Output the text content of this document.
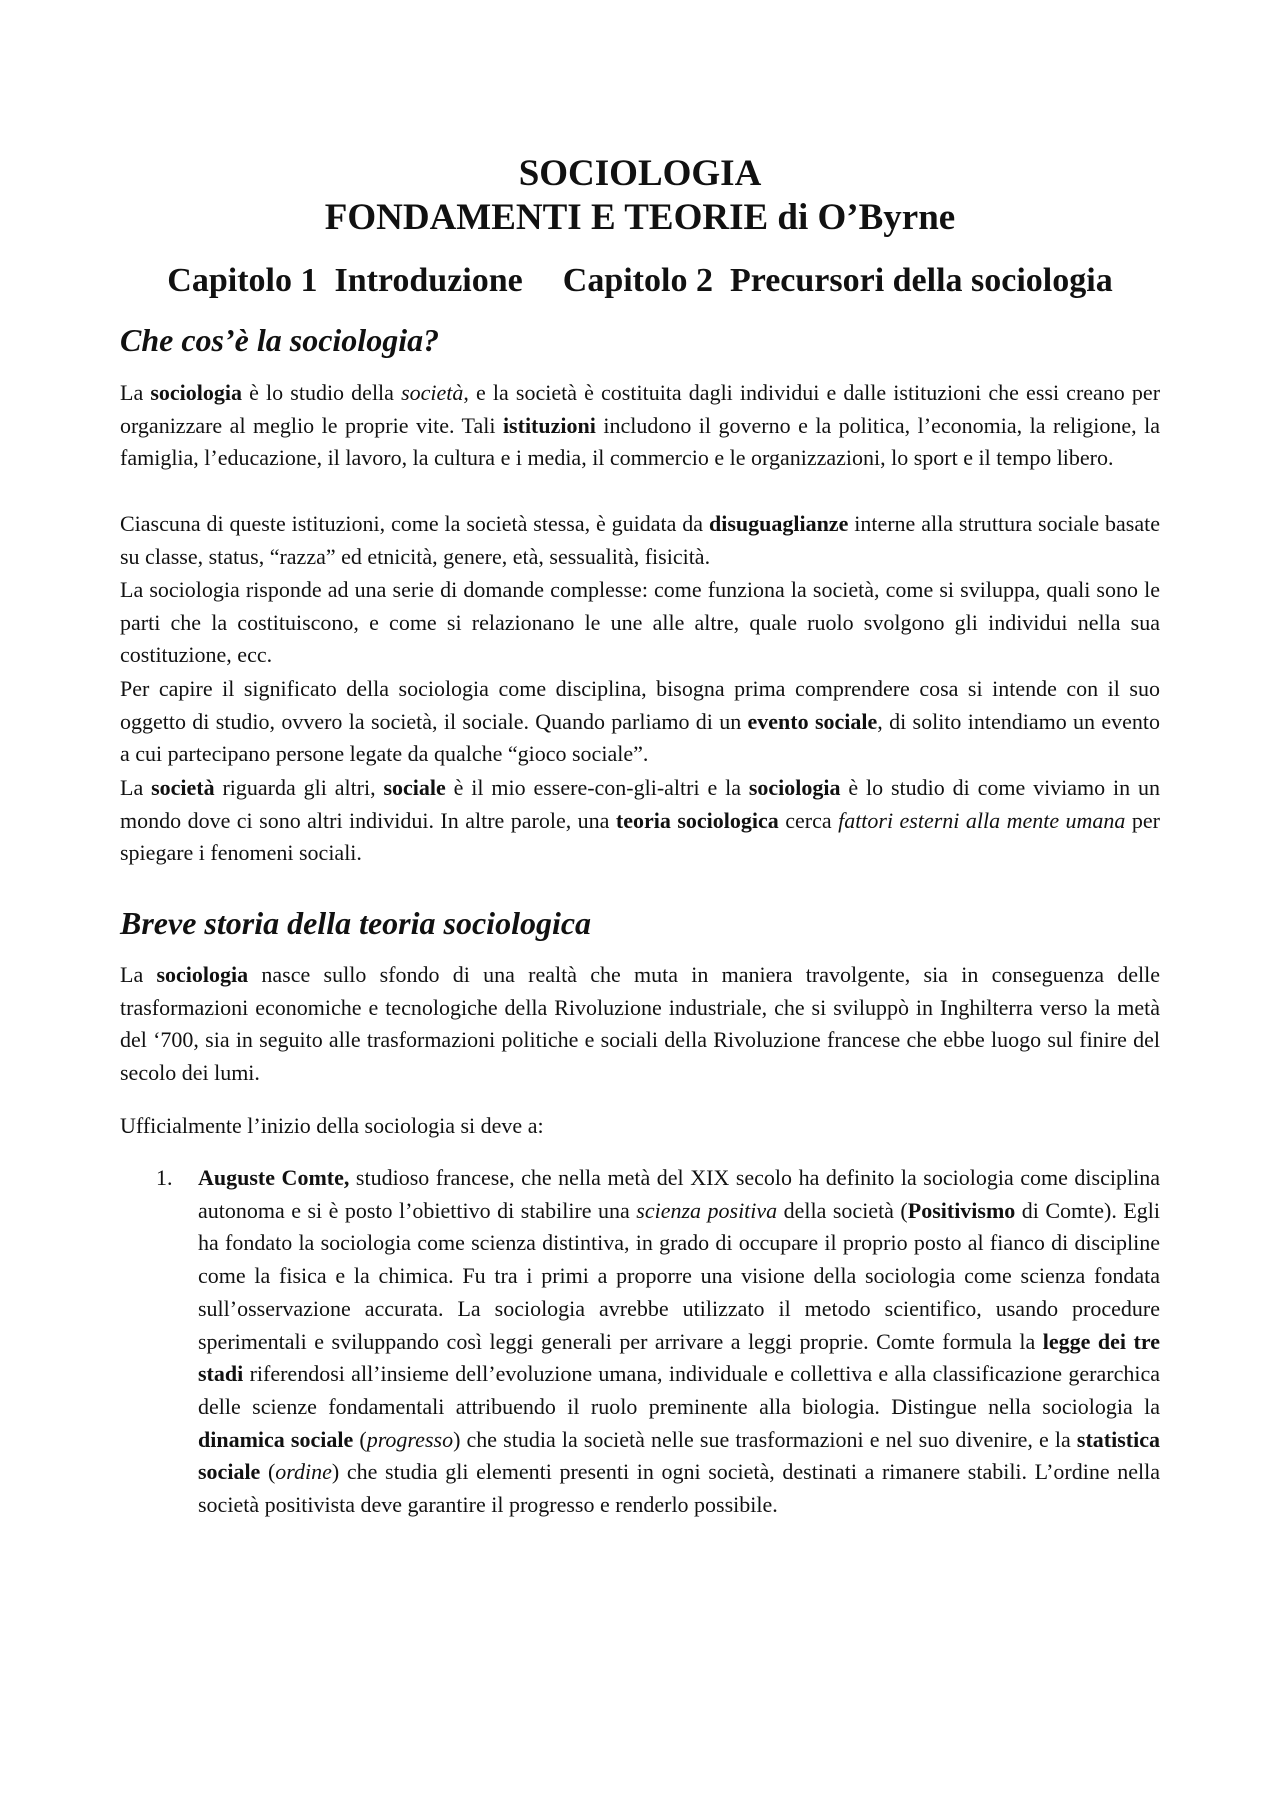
SOCIOLOGIA
FONDAMENTI E TEORIE di O’Byrne
Capitolo 1  Introduzione Capitolo 2  Precursori della sociologia
Che cos’è la sociologia?
La sociologia è lo studio della società, e la società è costituita dagli individui e dalle istituzioni che essi creano per organizzare al meglio le proprie vite. Tali istituzioni includono il governo e la politica, l’economia, la religione, la famiglia, l’educazione, il lavoro, la cultura e i media, il commercio e le organizzazioni, lo sport e il tempo libero.
Ciascuna di queste istituzioni, come la società stessa, è guidata da disuguaglianze interne alla struttura sociale basate su classe, status, “razza” ed etnicità, genere, età, sessualità, fisicità.
La sociologia risponde ad una serie di domande complesse: come funziona la società, come si sviluppa, quali sono le parti che la costituiscono, e come si relazionano le une alle altre, quale ruolo svolgono gli individui nella sua costituzione, ecc.
Per capire il significato della sociologia come disciplina, bisogna prima comprendere cosa si intende con il suo oggetto di studio, ovvero la società, il sociale. Quando parliamo di un evento sociale, di solito intendiamo un evento a cui partecipano persone legate da qualche “gioco sociale”.
La società riguarda gli altri, sociale è il mio essere-con-gli-altri e la sociologia è lo studio di come viviamo in un mondo dove ci sono altri individui. In altre parole, una teoria sociologica cerca fattori esterni alla mente umana per spiegare i fenomeni sociali.
Breve storia della teoria sociologica
La sociologia nasce sullo sfondo di una realtà che muta in maniera travolgente, sia in conseguenza delle trasformazioni economiche e tecnologiche della Rivoluzione industriale, che si sviluppò in Inghilterra verso la metà del ‘700, sia in seguito alle trasformazioni politiche e sociali della Rivoluzione francese che ebbe luogo sul finire del secolo dei lumi.
Ufficialmente l’inizio della sociologia si deve a:
1. Auguste Comte, studioso francese, che nella metà del XIX secolo ha definito la sociologia come disciplina autonoma e si è posto l’obiettivo di stabilire una scienza positiva della società (Positivismo di Comte). Egli ha fondato la sociologia come scienza distintiva, in grado di occupare il proprio posto al fianco di discipline come la fisica e la chimica. Fu tra i primi a proporre una visione della sociologia come scienza fondata sull’osservazione accurata. La sociologia avrebbe utilizzato il metodo scientifico, usando procedure sperimentali e sviluppando così leggi generali per arrivare a leggi proprie. Comte formula la legge dei tre stadi riferendosi all’insieme dell’evoluzione umana, individuale e collettiva e alla classificazione gerarchica delle scienze fondamentali attribuendo il ruolo preminente alla biologia. Distingue nella sociologia la dinamica sociale (progresso) che studia la società nelle sue trasformazioni e nel suo divenire, e la statistica sociale (ordine) che studia gli elementi presenti in ogni società, destinati a rimanere stabili. L’ordine nella società positivista deve garantire il progresso e renderlo possibile.
